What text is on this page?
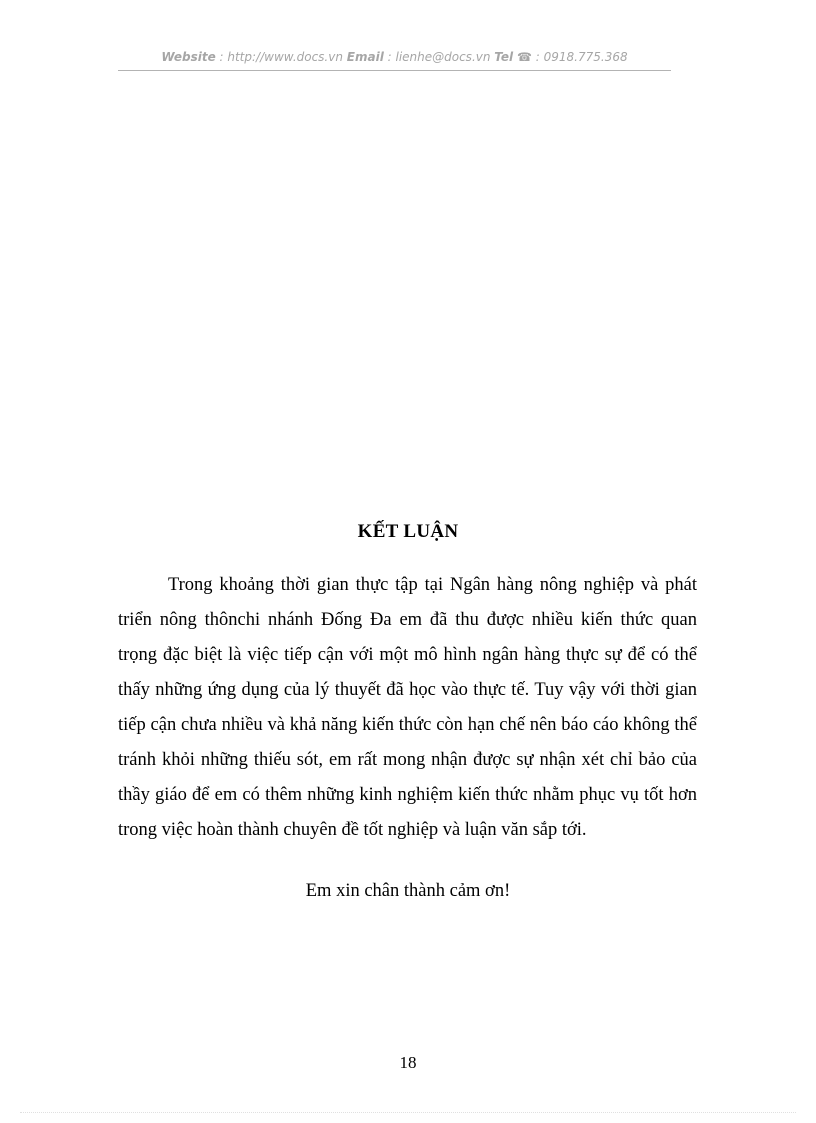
Website : http://www.docs.vn Email : lienhe@docs.vn Tel ☎ : 0918.775.368
KẾT LUẬN

Trong khoảng thời gian thực tập tại Ngân hàng nông nghiệp và phát triển nông thônchi nhánh Đống Đa em đã thu được nhiều kiến thức quan trọng đặc biệt là việc tiếp cận với một mô hình ngân hàng thực sự để có thể thấy những ứng dụng của lý thuyết đã học vào thực tế. Tuy vậy với thời gian tiếp cận chưa nhiều và khả năng kiến thức còn hạn chế nên báo cáo không thể tránh khỏi những thiếu sót, em rất mong nhận được sự nhận xét chỉ bảo của thầy giáo để em có thêm những kinh nghiệm kiến thức nhằm phục vụ tốt hơn trong việc hoàn thành chuyên đề tốt nghiệp và luận văn sắp tới.

Em xin chân thành cảm ơn!
18
